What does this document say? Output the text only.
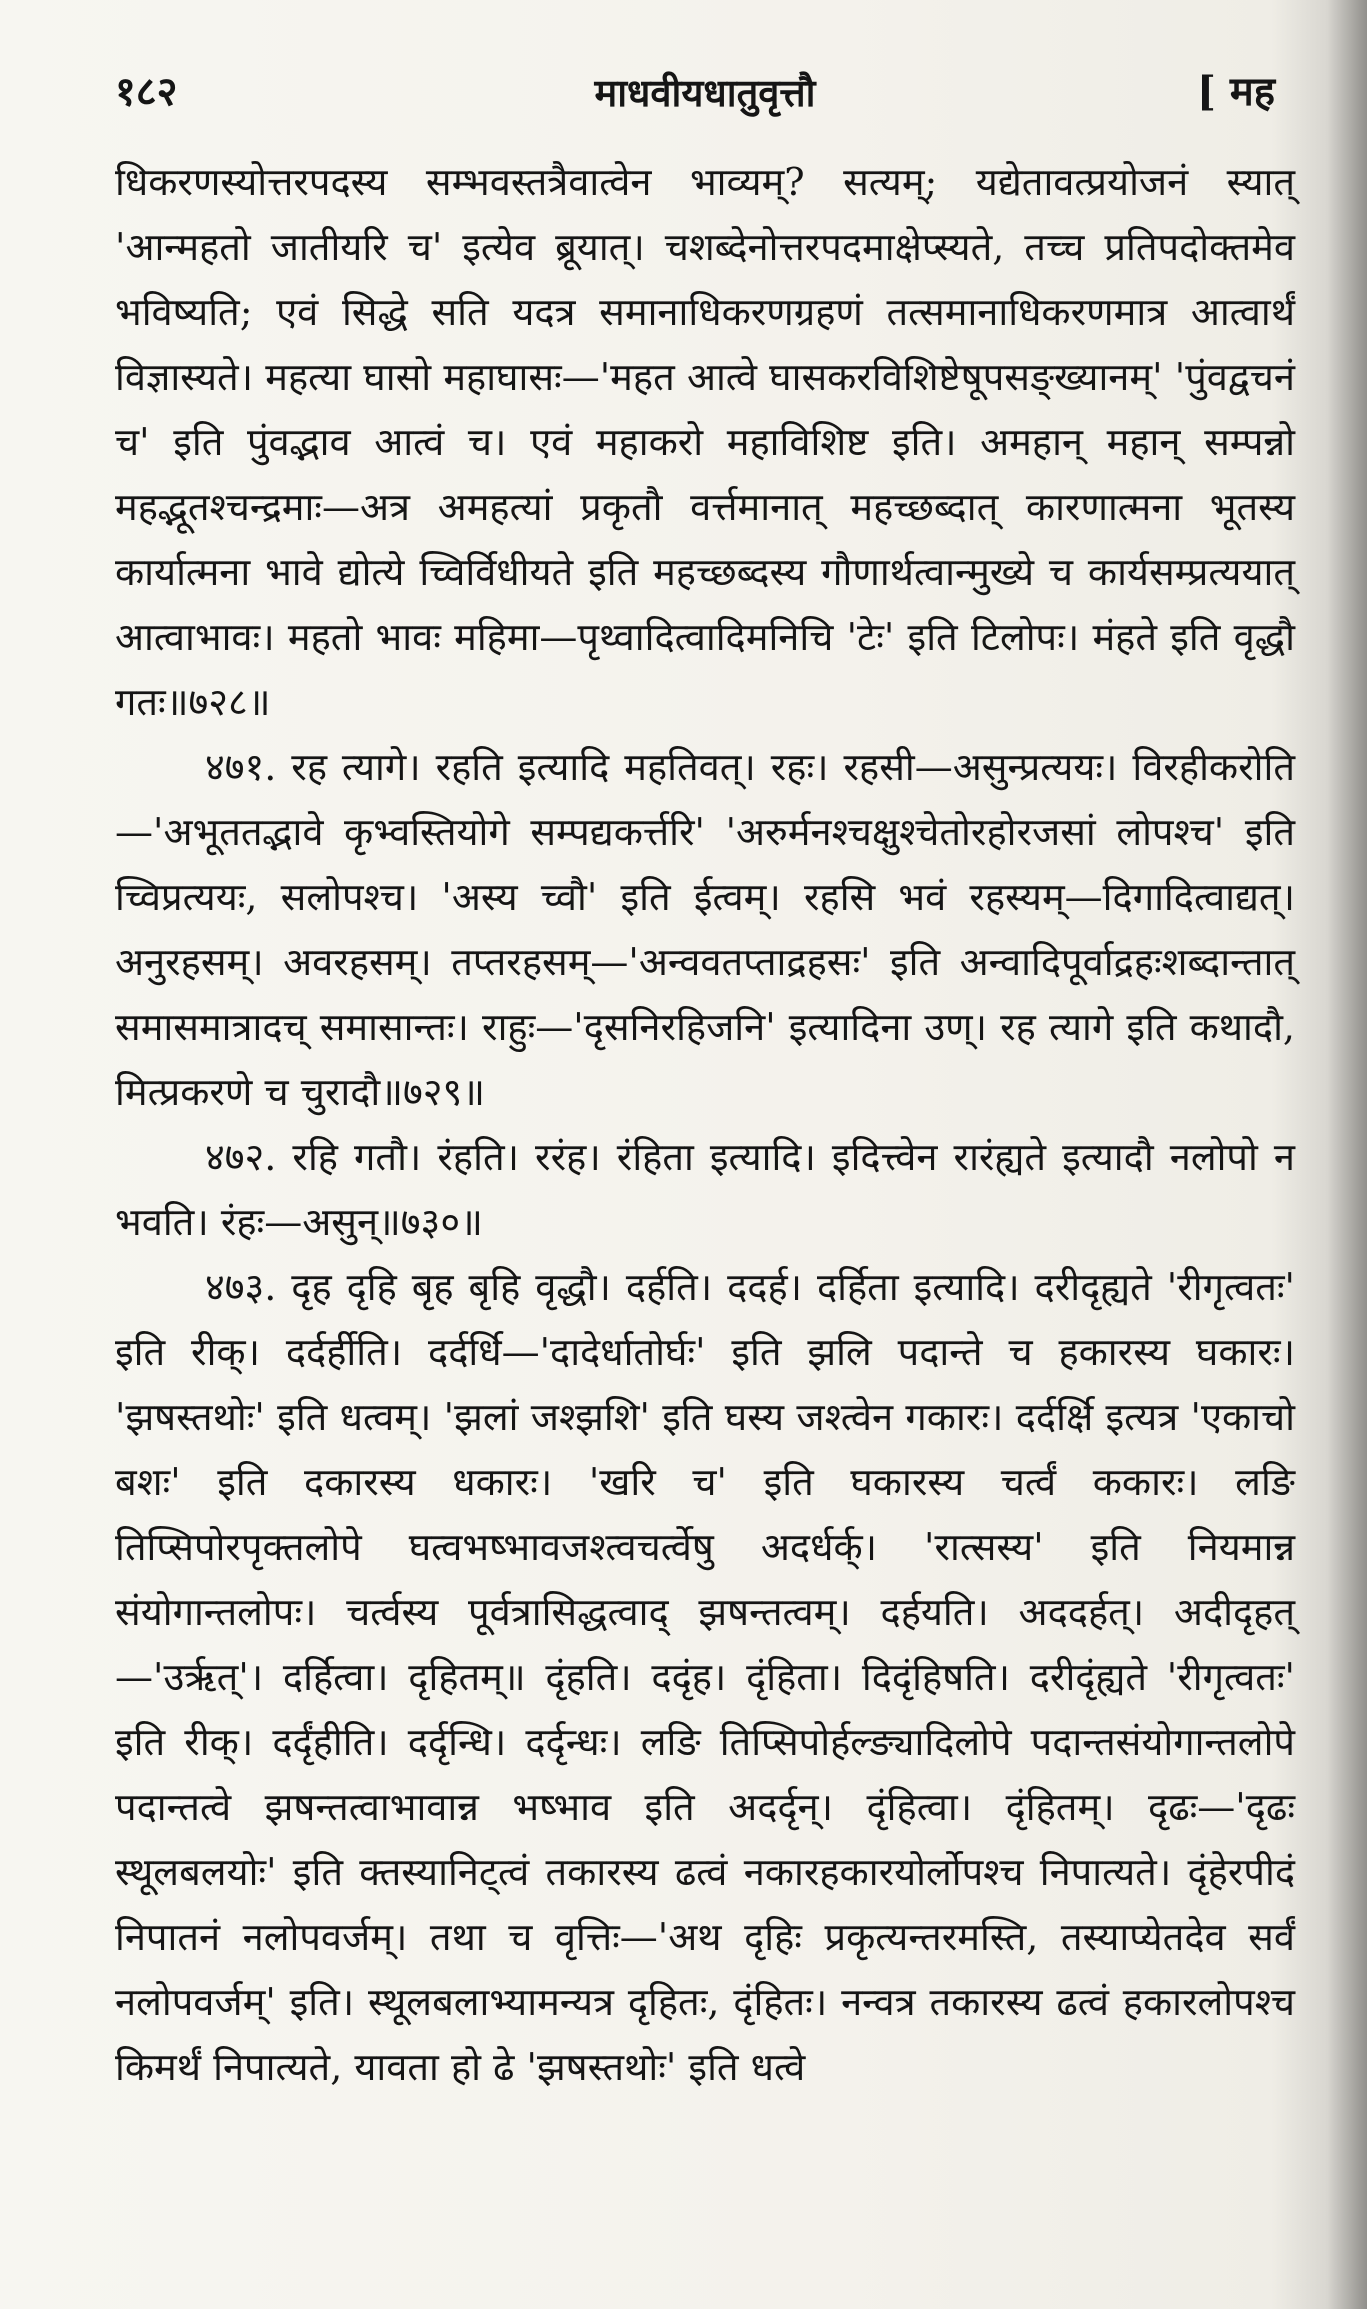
१८२	माधवीयधातुवृत्तौ	[ मह

धिकरणस्योत्तरपदस्य सम्भवस्तत्रैवात्वेन भाव्यम्? सत्यम्; यद्येतावत्प्रयोजनं स्यात् 'आन्महतो जातीयरि च' इत्येव ब्रूयात्। चशब्देनोत्तरपदमाक्षेप्स्यते, तच्च प्रतिपदोक्तमेव भविष्यति; एवं सिद्धे सति यदत्र समानाधिकरणग्रहणं तत्समानाधिकरणमात्र आत्वार्थं विज्ञास्यते। महत्या घासो महाघासः—'महत आत्वे घासकरविशिष्टेषूपसङ्ख्यानम्' 'पुंवद्वचनं च' इति पुंवद्भाव आत्वं च। एवं महाकरो महाविशिष्ट इति। अमहान् महान् सम्पन्नो महद्भूतश्चन्द्रमाः—अत्र अमहत्यां प्रकृतौ वर्त्तमानात् महच्छब्दात् कारणात्मना भूतस्य कार्यात्मना भावे द्योत्ये च्विर्विधीयते इति महच्छब्दस्य गौणार्थत्वान्मुख्ये च कार्यसम्प्रत्ययात् आत्वाभावः। महतो भावः महिमा—पृथ्वादित्वादिमनिचि 'टेः' इति टिलोपः। मंहते इति वृद्धौ गतः॥७२८॥

४७१. रह त्यागे। रहति इत्यादि महतिवत्। रहः। रहसी—असुन्प्रत्ययः। विरहीकरोति—'अभूततद्भावे कृभ्वस्तियोगे सम्पद्यकर्त्तरि' 'अरुर्मनश्चक्षुश्चेतोरहोरजसां लोपश्च' इति च्विप्रत्ययः, सलोपश्च। 'अस्य च्वौ' इति ईत्वम्। रहसि भवं रहस्यम्—दिगादित्वाद्यत्। अनुरहसम्। अवरहसम्। तप्तरहसम्—'अन्ववतप्ताद्रहसः' इति अन्वादिपूर्वाद्रहःशब्दान्तात् समासमात्रादच् समासान्तः। राहुः—'दृसनिरहिजनि' इत्यादिना उण्। रह त्यागे इति कथादौ, मित्प्रकरणे च चुरादौ॥७२९॥

४७२. रहि गतौ। रंहति। ररंह। रंहिता इत्यादि। इदित्त्वेन रारंह्यते इत्यादौ नलोपो न भवति। रंहः—असुन्॥७३०॥

४७३. दृह दृहि बृह बृहि वृद्धौ। दर्हति। ददर्ह। दर्हिता इत्यादि। दरीदृह्यते 'रीगृत्वतः' इति रीक्। दर्दर्हीति। दर्दर्धि—'दादेर्धातोर्घः' इति झलि पदान्ते च हकारस्य घकारः। 'झषस्तथोः' इति धत्वम्। 'झलां जश्झशि' इति घस्य जश्त्वेन गकारः। दर्दर्क्षि इत्यत्र 'एकाचो बशः' इति दकारस्य धकारः। 'खरि च' इति घकारस्य चर्त्वं ककारः। लङि तिप्सिपोरपृक्तलोपे घत्वभष्भावजश्त्वचर्त्वेषु अदर्धर्क्। 'रात्सस्य' इति नियमान्न संयोगान्तलोपः। चर्त्वस्य पूर्वत्रासिद्धत्वाद् झषन्तत्वम्। दर्हयति। अददर्हत्। अदीदृहत्—'उर्ऋत्'। दर्हित्वा। दृहितम्॥ दृंहति। ददृंह। दृंहिता। दिदृंहिषति। दरीदृंह्यते 'रीगृत्वतः' इति रीक्। दर्दृंहीति। दर्दृन्धि। दर्दृन्धः। लङि तिप्सिपोर्हल्ङ्यादिलोपे पदान्तसंयोगान्तलोपे पदान्तत्वे झषन्तत्वाभावान्न भष्भाव इति अदर्दृन्। दृंहित्वा। दृंहितम्। दृढः—'दृढः स्थूलबलयोः' इति क्तस्यानिट्त्वं तकारस्य ढत्वं नकारहकारयोर्लोपश्च निपात्यते। दृंहेरपीदं निपातनं नलोपवर्जम्। तथा च वृत्तिः—'अथ दृहिः प्रकृत्यन्तरमस्ति, तस्याप्येतदेव सर्वं नलोपवर्जम्' इति। स्थूलबलाभ्यामन्यत्र दृहितः, दृंहितः। नन्वत्र तकारस्य ढत्वं हकारलोपश्च किमर्थं निपात्यते, यावता हो ढे 'झषस्तथोः' इति धत्वे
